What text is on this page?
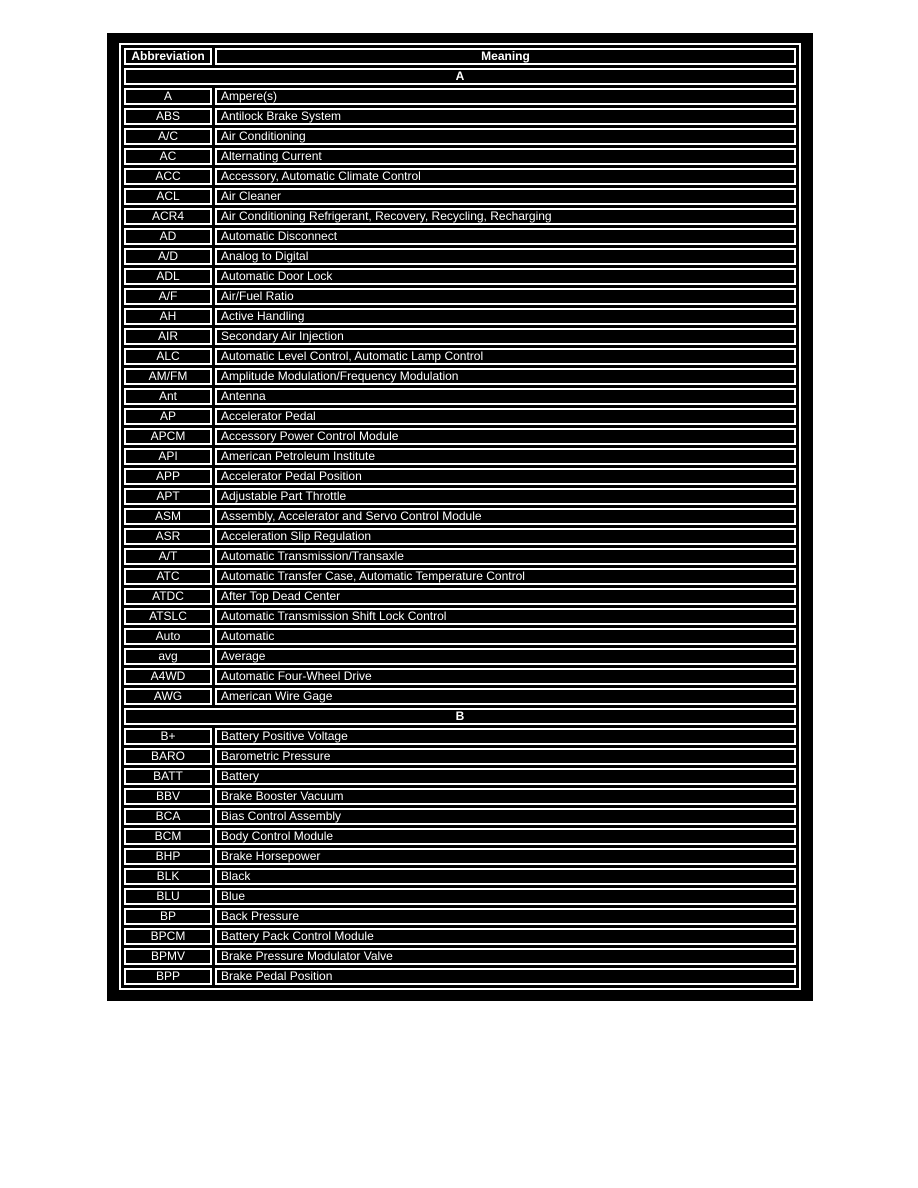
Abbreviation	Meaning
A	
A	Ampere(s)
ABS	Antilock Brake System
A/C	Air Conditioning
AC	Alternating Current
ACC	Accessory, Automatic Climate Control
ACL	Air Cleaner
ACR4	Air Conditioning Refrigerant, Recovery, Recycling, Recharging
AD	Automatic Disconnect
A/D	Analog to Digital
ADL	Automatic Door Lock
A/F	Air/Fuel Ratio
AH	Active Handling
AIR	Secondary Air Injection
ALC	Automatic Level Control, Automatic Lamp Control
AM/FM	Amplitude Modulation/Frequency Modulation
Ant	Antenna
AP	Accelerator Pedal
APCM	Accessory Power Control Module
API	American Petroleum Institute
APP	Accelerator Pedal Position
APT	Adjustable Part Throttle
ASM	Assembly, Accelerator and Servo Control Module
ASR	Acceleration Slip Regulation
A/T	Automatic Transmission/Transaxle
ATC	Automatic Transfer Case, Automatic Temperature Control
ATDC	After Top Dead Center
ATSLC	Automatic Transmission Shift Lock Control
Auto	Automatic
avg	Average
A4WD	Automatic Four-Wheel Drive
AWG	American Wire Gage
B	
B+	Battery Positive Voltage
BARO	Barometric Pressure
BATT	Battery
BBV	Brake Booster Vacuum
BCA	Bias Control Assembly
BCM	Body Control Module
BHP	Brake Horsepower
BLK	Black
BLU	Blue
BP	Back Pressure
BPCM	Battery Pack Control Module
BPMV	Brake Pressure Modulator Valve
BPP	Brake Pedal Position
